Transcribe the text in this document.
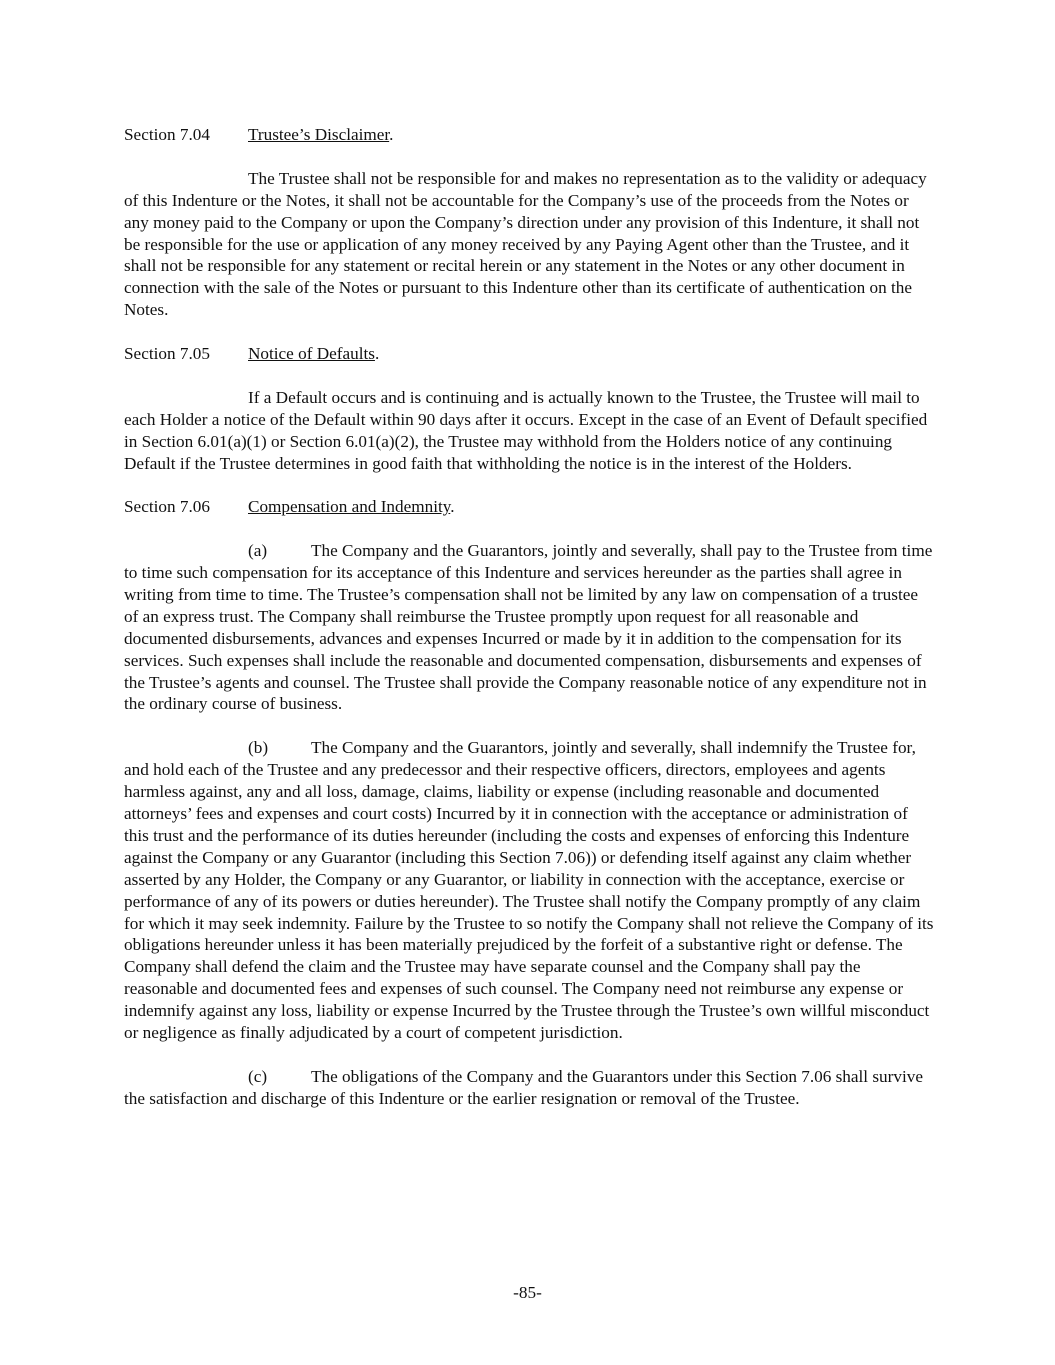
Section 7.04 Trustee’s Disclaimer.

The Trustee shall not be responsible for and makes no representation as to the validity or adequacy of this Indenture or the Notes, it shall not be accountable for the Company’s use of the proceeds from the Notes or any money paid to the Company or upon the Company’s direction under any provision of this Indenture, it shall not be responsible for the use or application of any money received by any Paying Agent other than the Trustee, and it shall not be responsible for any statement or recital herein or any statement in the Notes or any other document in connection with the sale of the Notes or pursuant to this Indenture other than its certificate of authentication on the Notes.

Section 7.05 Notice of Defaults.

If a Default occurs and is continuing and is actually known to the Trustee, the Trustee will mail to each Holder a notice of the Default within 90 days after it occurs. Except in the case of an Event of Default specified in Section 6.01(a)(1) or Section 6.01(a)(2), the Trustee may withhold from the Holders notice of any continuing Default if the Trustee determines in good faith that withholding the notice is in the interest of the Holders.

Section 7.06 Compensation and Indemnity.

(a)	The Company and the Guarantors, jointly and severally, shall pay to the Trustee from time to time such compensation for its acceptance of this Indenture and services hereunder as the parties shall agree in writing from time to time. The Trustee’s compensation shall not be limited by any law on compensation of a trustee of an express trust. The Company shall reimburse the Trustee promptly upon request for all reasonable and documented disbursements, advances and expenses Incurred or made by it in addition to the compensation for its services. Such expenses shall include the reasonable and documented compensation, disbursements and expenses of the Trustee’s agents and counsel. The Trustee shall provide the Company reasonable notice of any expenditure not in the ordinary course of business.

(b) The Company and the Guarantors, jointly and severally, shall indemnify the Trustee for, and hold each of the Trustee and any predecessor and their respective officers, directors, employees and agents harmless against, any and all loss, damage, claims, liability or expense (including reasonable and documented attorneys’ fees and expenses and court costs) Incurred by it in connection with the acceptance or administration of this trust and the performance of its duties hereunder (including the costs and expenses of enforcing this Indenture against the Company or any Guarantor (including this Section 7.06)) or defending itself against any claim whether asserted by any Holder, the Company or any Guarantor, or liability in connection with the acceptance, exercise or performance of any of its powers or duties hereunder). The Trustee shall notify the Company promptly of any claim for which it may seek indemnity. Failure by the Trustee to so notify the Company shall not relieve the Company of its obligations hereunder unless it has been materially prejudiced by the forfeit of a substantive right or defense. The Company shall defend the claim and the Trustee may have separate counsel and the Company shall pay the reasonable and documented fees and expenses of such counsel. The Company need not reimburse any expense or indemnify against any loss, liability or expense Incurred by the Trustee through the Trustee’s own willful misconduct or negligence as finally adjudicated by a court of competent jurisdiction.

(c)	The obligations of the Company and the Guarantors under this Section 7.06 shall survive the satisfaction and discharge of this Indenture or the earlier resignation or removal of the Trustee.

-85-
